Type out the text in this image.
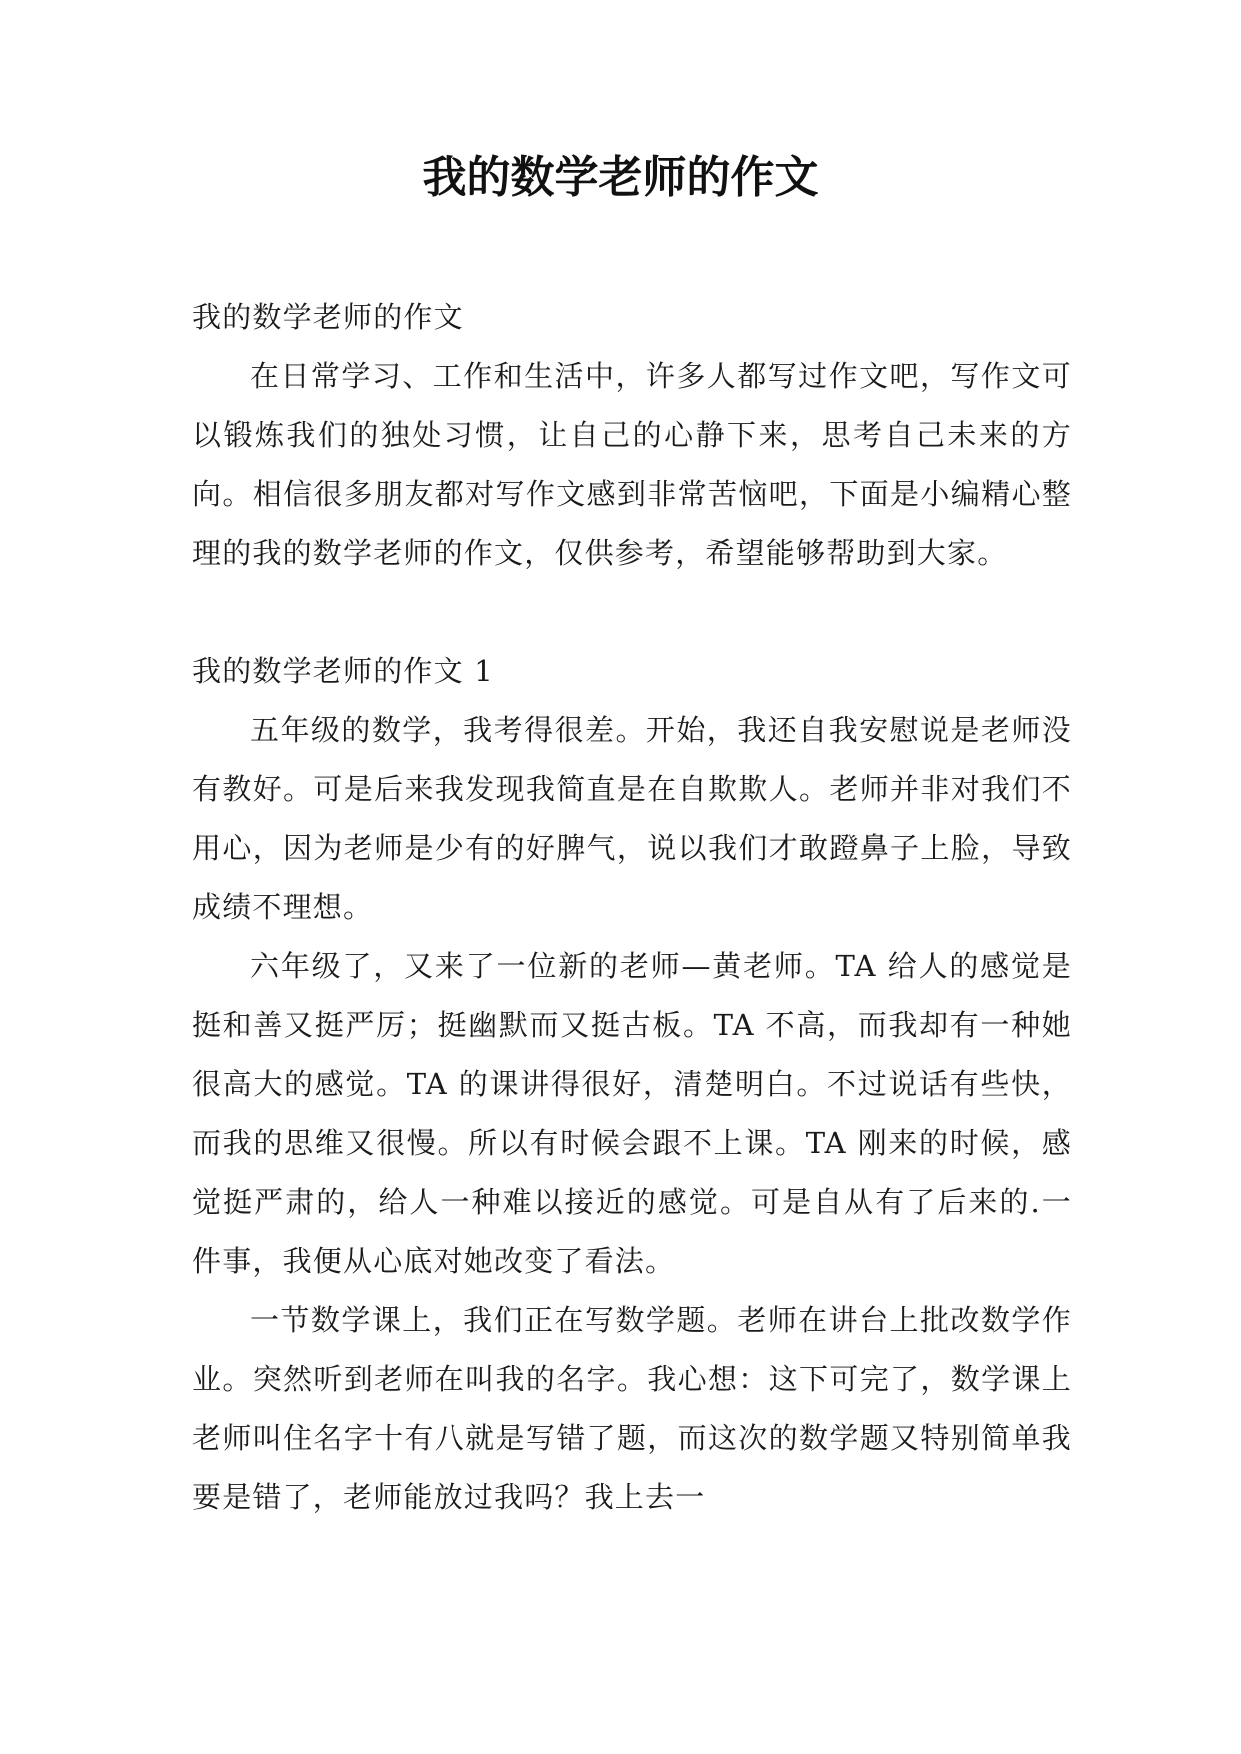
我的数学老师的作文

我的数学老师的作文

在日常学习、工作和生活中，许多人都写过作文吧，写作文可以锻炼我们的独处习惯，让自己的心静下来，思考自己未来的方向。相信很多朋友都对写作文感到非常苦恼吧，下面是小编精心整理的我的数学老师的作文，仅供参考，希望能够帮助到大家。

我的数学老师的作文 1

五年级的数学，我考得很差。开始，我还自我安慰说是老师没有教好。可是后来我发现我简直是在自欺欺人。老师并非对我们不用心，因为老师是少有的好脾气，说以我们才敢蹬鼻子上脸，导致成绩不理想。

六年级了，又来了一位新的老师—黄老师。TA 给人的感觉是挺和善又挺严厉；挺幽默而又挺古板。TA 不高，而我却有一种她很高大的感觉。TA 的课讲得很好，清楚明白。不过说话有些快，而我的思维又很慢。所以有时候会跟不上课。TA 刚来的时候，感觉挺严肃的，给人一种难以接近的感觉。可是自从有了后来的.一件事，我便从心底对她改变了看法。

一节数学课上，我们正在写数学题。老师在讲台上批改数学作业。突然听到老师在叫我的名字。我心想：这下可完了，数学课上老师叫住名字十有八就是写错了题，而这次的数学题又特别简单我要是错了，老师能放过我吗？我上去一
